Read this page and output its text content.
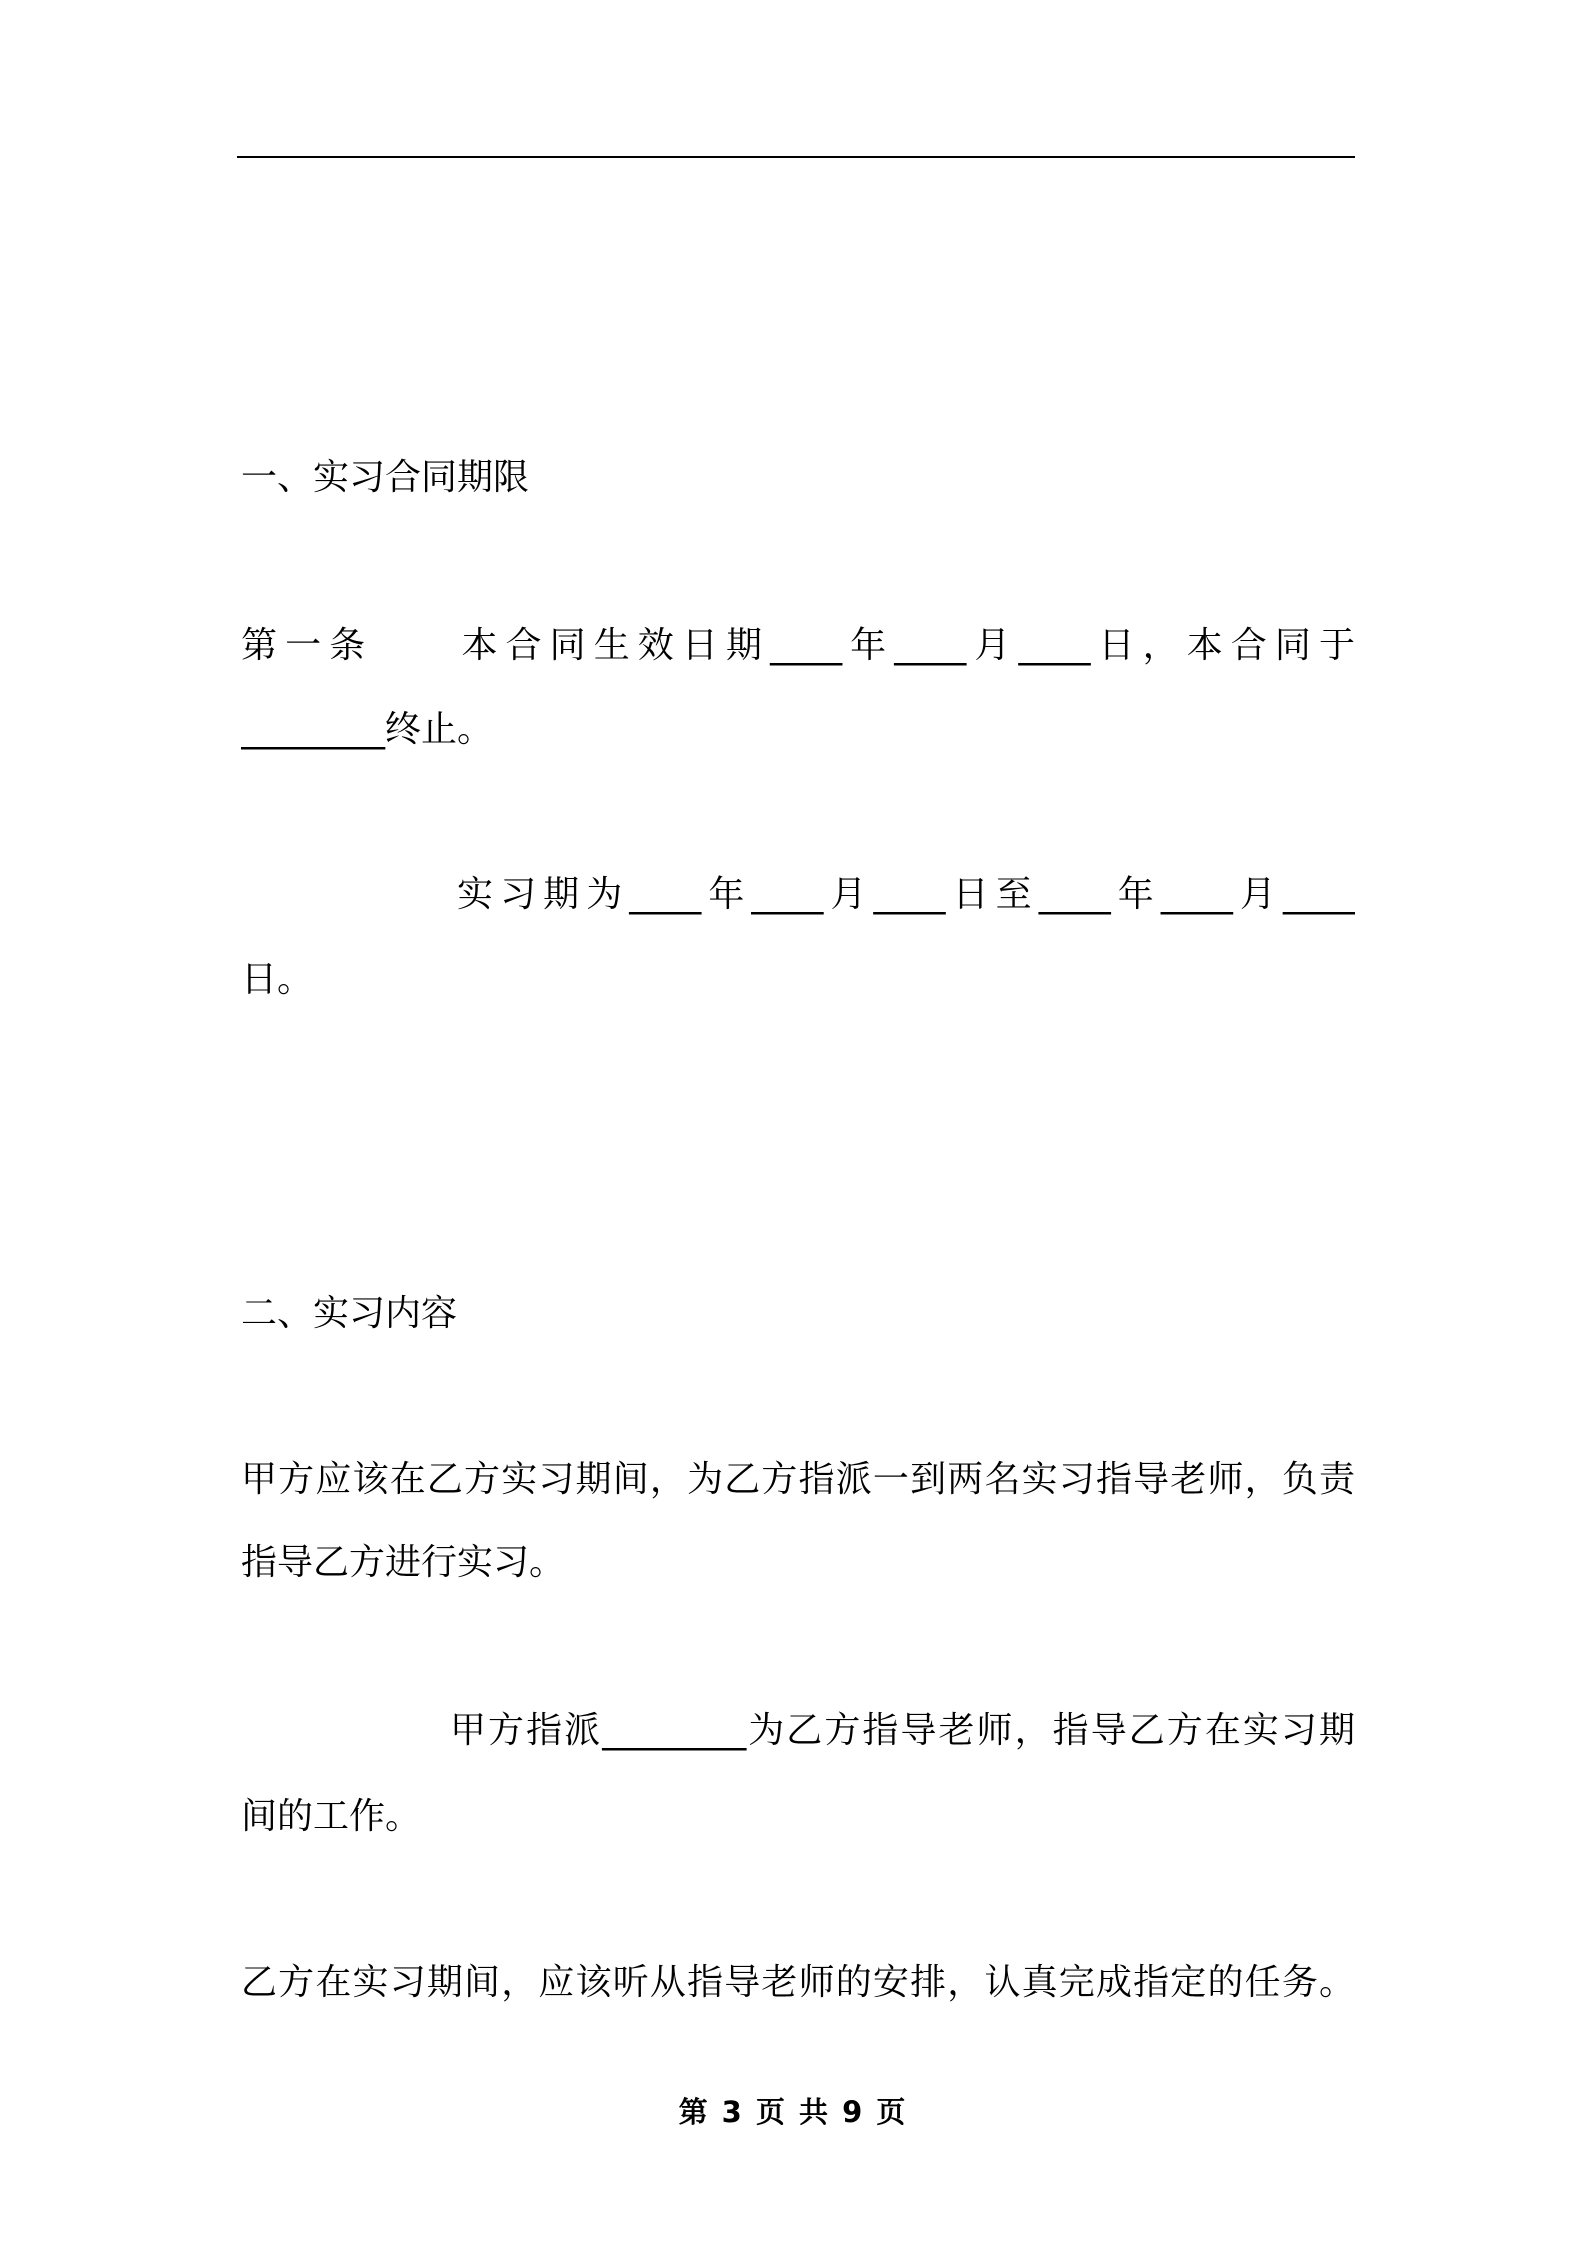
一、实习合同期限
第一条　　本合同生效日期____年____月____日，本合同于
________终止。
实习期为____年____月____日至____年____月____
日。
二、实习内容
甲方应该在乙方实习期间，为乙方指派一到两名实习指导老师，负责
指导乙方进行实习。
甲方指派________为乙方指导老师，指导乙方在实习期
间的工作。
乙方在实习期间，应该听从指导老师的安排，认真完成指定的任务。
第 3 页 共 9 页
